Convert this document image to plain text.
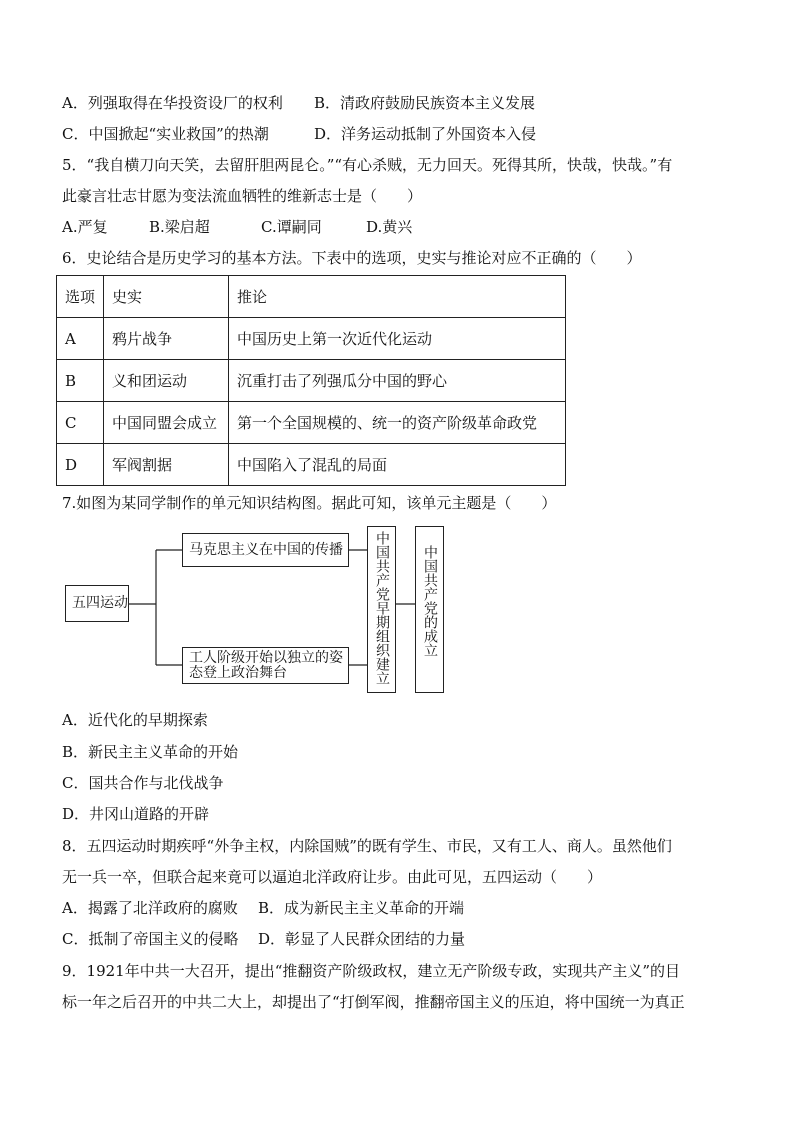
A．列强取得在华投资设厂的权利 B．清政府鼓励民族资本主义发展
C．中国掀起“实业救国”的热潮	D．洋务运动抵制了外国资本入侵
5．“我自横刀向天笑，去留肝胆两昆仑。”“有心杀贼，无力回天。死得其所，快哉，快哉。”有
此豪言壮志甘愿为变法流血牺牲的维新志士是（　　）
A.严复	B.梁启超	C.谭嗣同	D.黄兴
6．史论结合是历史学习的基本方法。下表中的选项，史实与推论对应不正确的（　　）
选项	史实	推论
A	鸦片战争	中国历史上第一次近代化运动
B	义和团运动	沉重打击了列强瓜分中国的野心
C	中国同盟会成立	第一个全国规模的、统一的资产阶级革命政党
D	军阀割据	中国陷入了混乱的局面
7.如图为某同学制作的单元知识结构图。据此可知，该单元主题是（　　）
五四运动
马克思主义在中国的传播
工人阶级开始以独立的姿
态登上政治舞台	中国共产党早期组织建立	中国共产党的成立
A．近代化的早期探索
B．新民主主义革命的开始
C．国共合作与北伐战争
D．井冈山道路的开辟
8．五四运动时期疾呼“外争主权，内除国贼”的既有学生、市民，又有工人、商人。虽然他们
无一兵一卒，但联合起来竟可以逼迫北洋政府让步。由此可见，五四运动（　　）
A．揭露了北洋政府的腐败 B．成为新民主主义革命的开端
C．抵制了帝国主义的侵略 D．彰显了人民群众团结的力量
9．1921年中共一大召开，提出“推翻资产阶级政权，建立无产阶级专政，实现共产主义”的目
标一年之后召开的中共二大上，却提出了“打倒军阀，推翻帝国主义的压迫，将中国统一为真正
